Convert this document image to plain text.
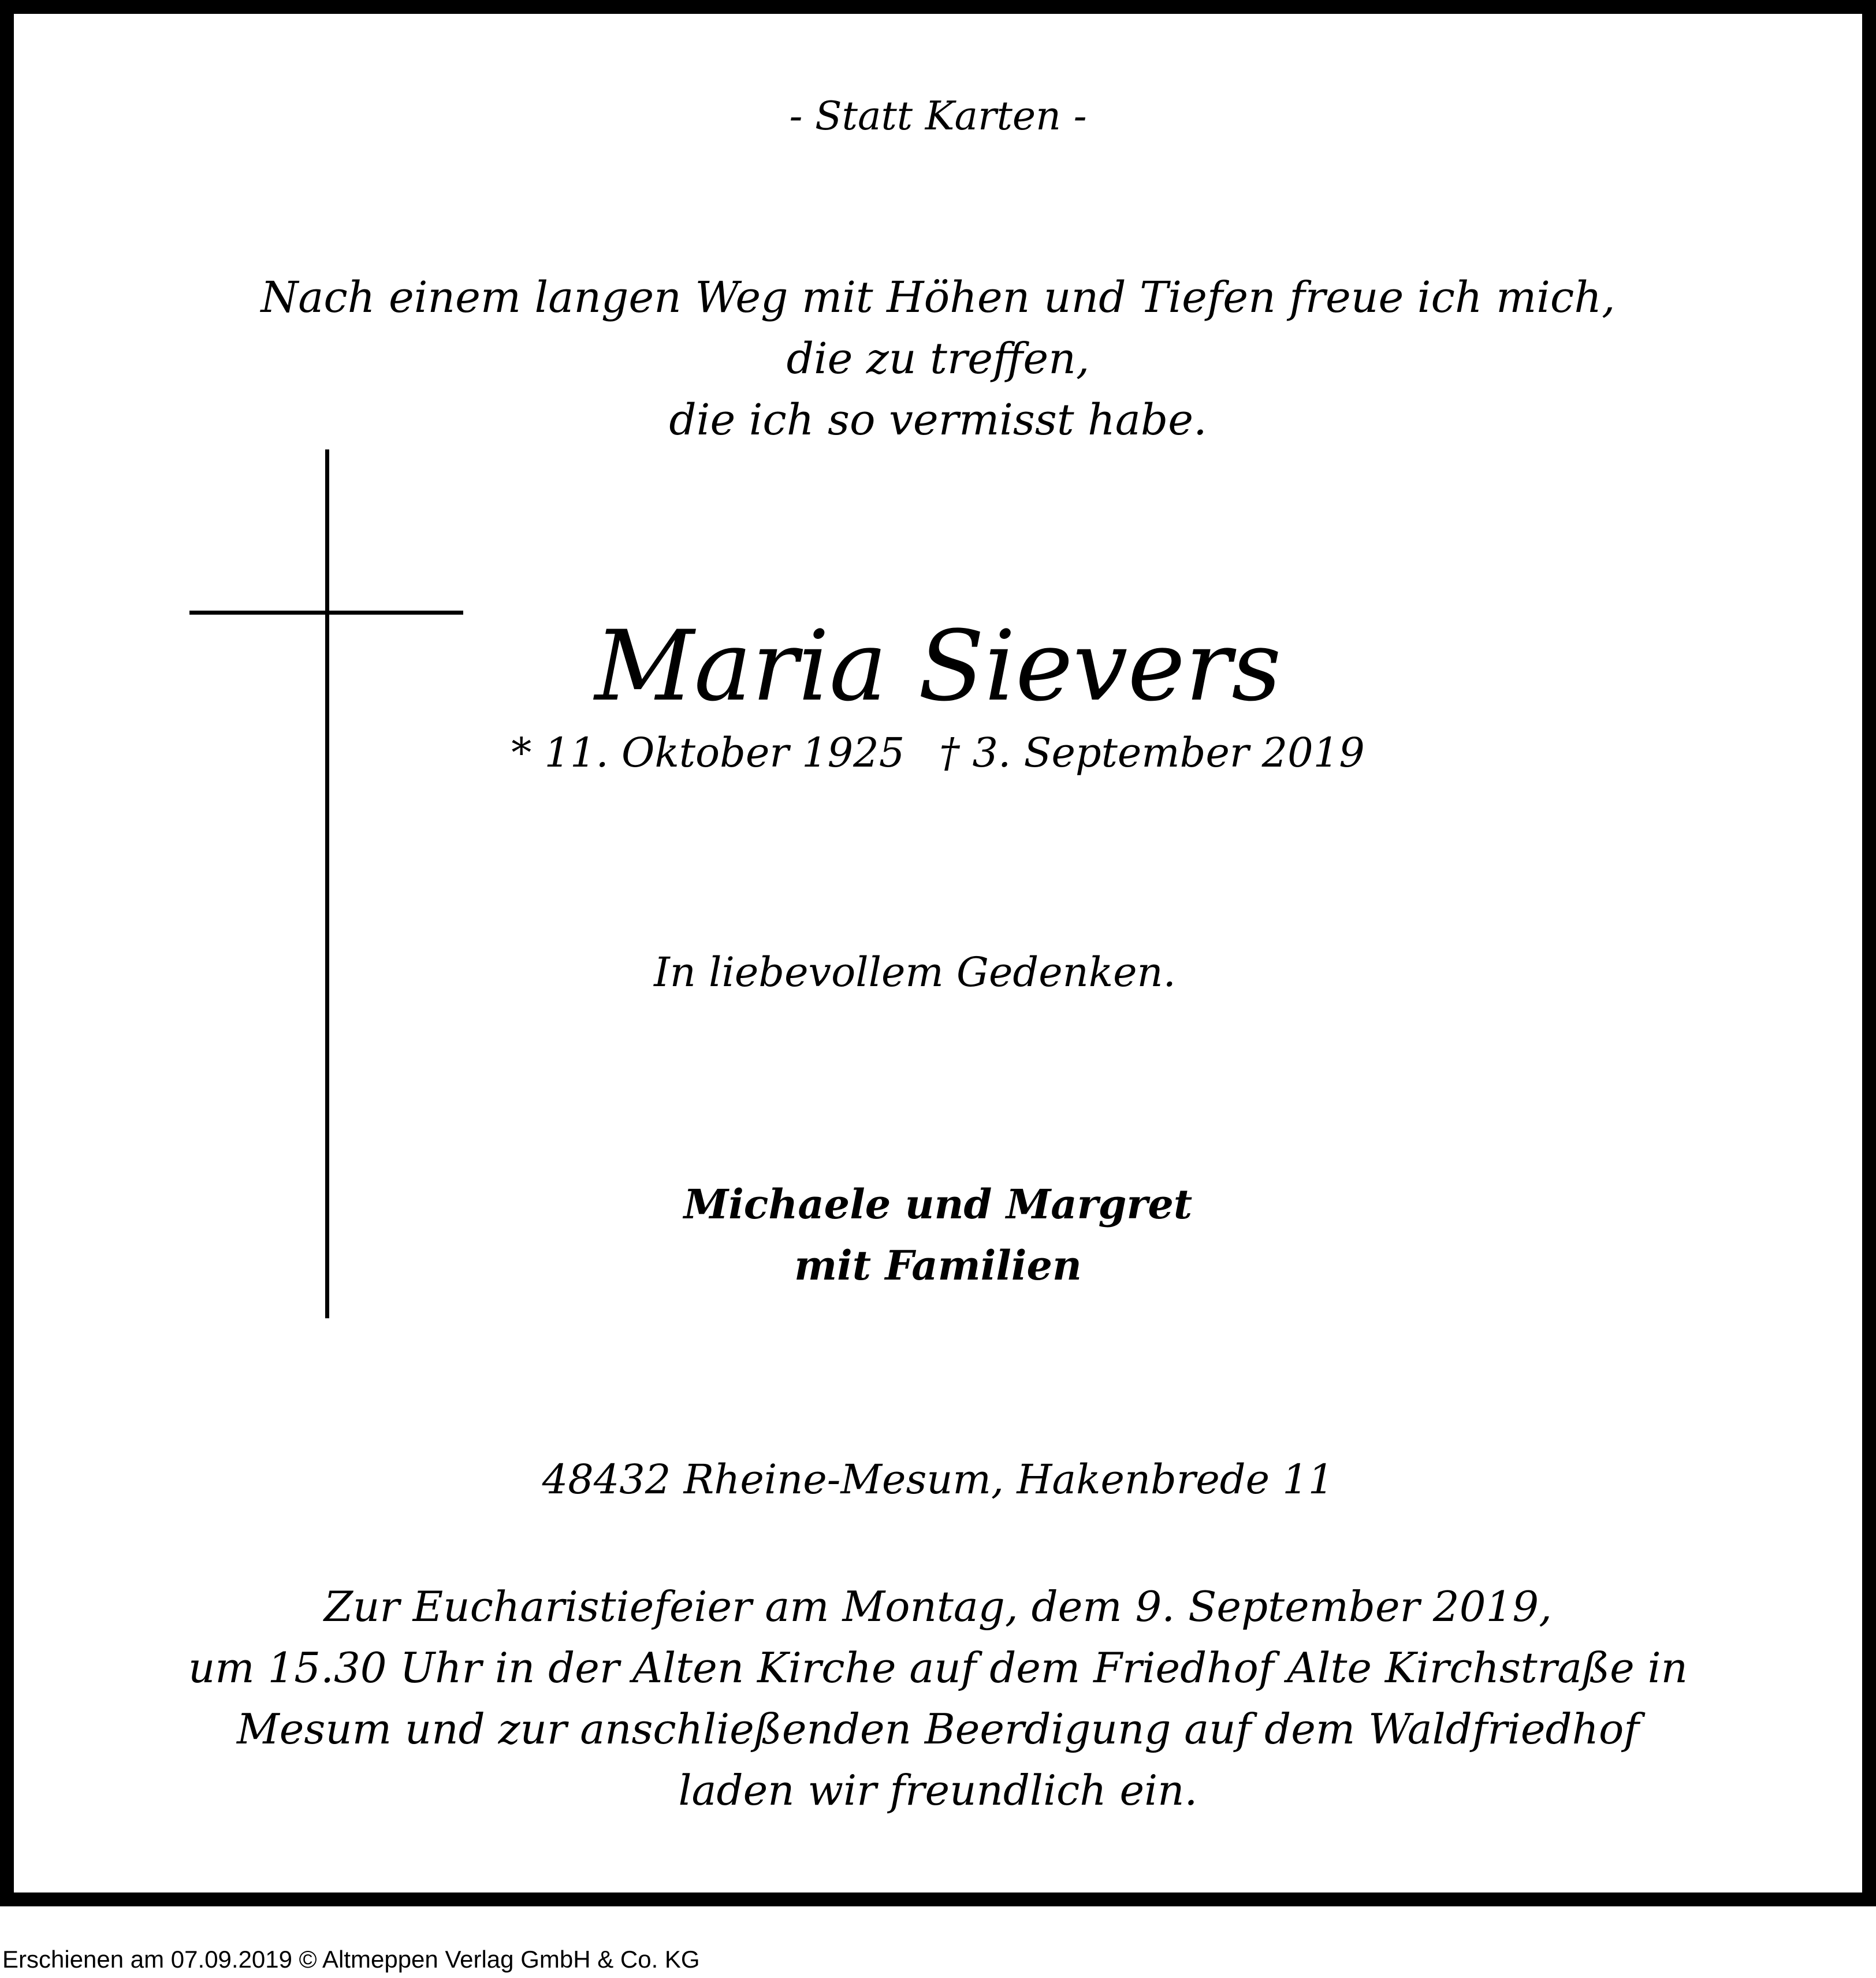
- Statt Karten -
Nach einem langen Weg mit Höhen und Tiefen freue ich mich,
die zu treffen,
die ich so vermisst habe.
Maria Sievers
* 11. Oktober 1925 † 3. September 2019
In liebevollem Gedenken.
Michaele und Margret
mit Familien
48432 Rheine-Mesum, Hakenbrede 11
Zur Eucharistiefeier am Montag, dem 9. September 2019,
um 15.30 Uhr in der Alten Kirche auf dem Friedhof Alte Kirchstraße in
Mesum und zur anschließenden Beerdigung auf dem Waldfriedhof
laden wir freundlich ein.
Erschienen am 07.09.2019 © Altmeppen Verlag GmbH & Co. KG
